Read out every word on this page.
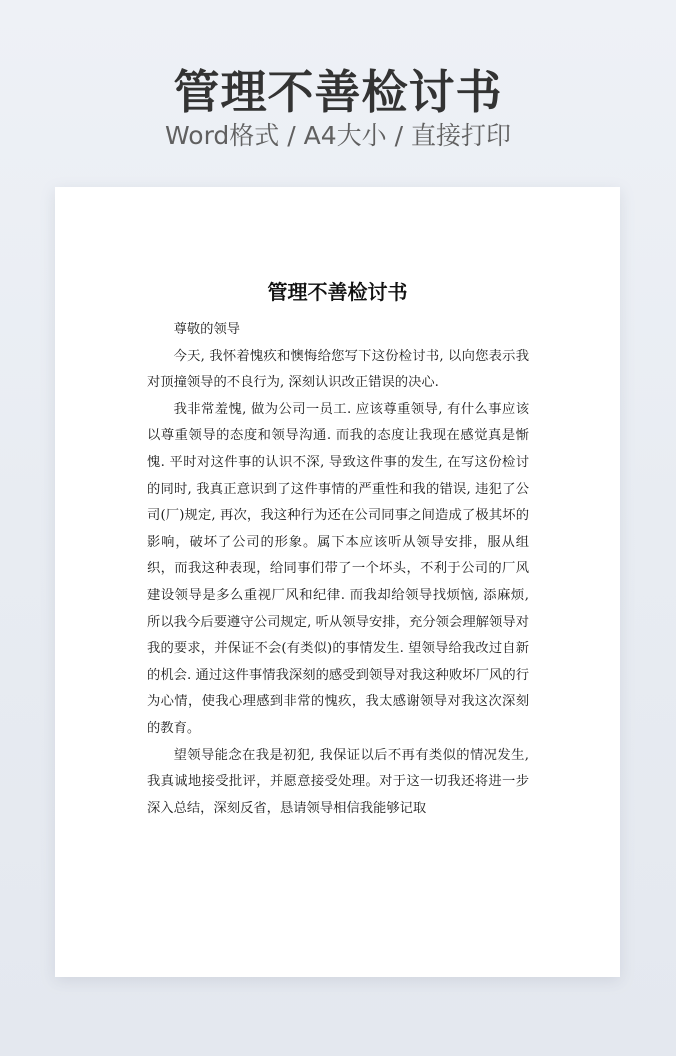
管理不善检讨书
Word格式 / A4大小 / 直接打印
管理不善检讨书

尊敬的领导

今天, 我怀着愧疚和懊悔给您写下这份检讨书, 以向您表示我对顶撞领导的不良行为, 深刻认识改正错误的决心.

我非常羞愧, 做为公司一员工. 应该尊重领导, 有什么事应该以尊重领导的态度和领导沟通. 而我的态度让我现在感觉真是惭愧. 平时对这件事的认识不深, 导致这件事的发生, 在写这份检讨的同时, 我真正意识到了这件事情的严重性和我的错误, 违犯了公司(厂)规定, 再次，我这种行为还在公司同事之间造成了极其坏的影响，破坏了公司的形象。属下本应该听从领导安排，服从组织，而我这种表现，给同事们带了一个坏头，不利于公司的厂风建设领导是多么重视厂风和纪律. 而我却给领导找烦恼, 添麻烦, 所以我今后要遵守公司规定, 听从领导安排，充分领会理解领导对我的要求，并保证不会(有类似)的事情发生. 望领导给我改过自新的机会. 通过这件事情我深刻的感受到领导对我这种败坏厂风的行为心情，使我心理感到非常的愧疚，我太感谢领导对我这次深刻的教育。

望领导能念在我是初犯, 我保证以后不再有类似的情况发生, 我真诚地接受批评，并愿意接受处理。对于这一切我还将进一步深入总结，深刻反省，恳请领导相信我能够记取
